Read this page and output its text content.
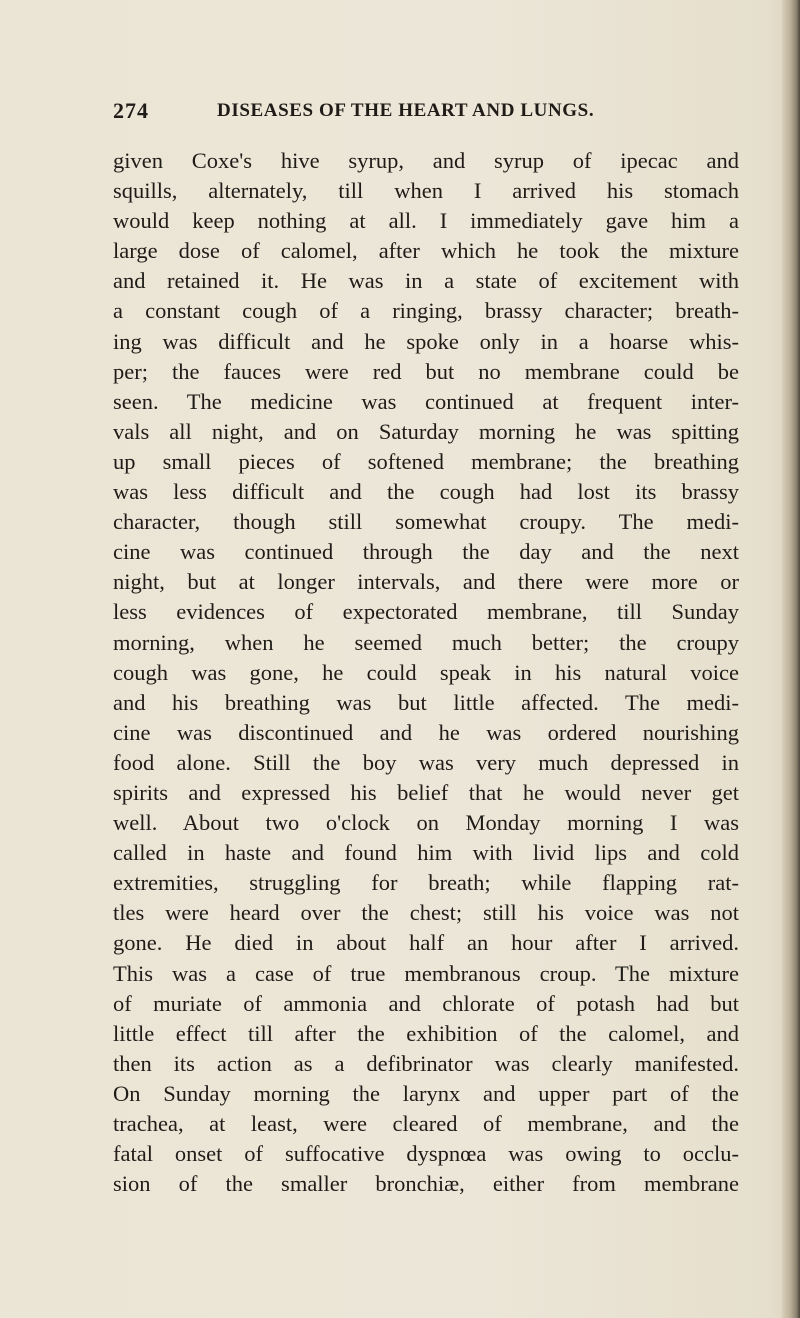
274	DISEASES OF THE HEART AND LUNGS.
given Coxe's hive syrup, and syrup of ipecac and
squills, alternately, till when I arrived his stomach
would keep nothing at all. I immediately gave him a
large dose of calomel, after which he took the mixture
and retained it. He was in a state of excitement with
a constant cough of a ringing, brassy character; breath-
ing was difficult and he spoke only in a hoarse whis-
per; the fauces were red but no membrane could be
seen. The medicine was continued at frequent inter-
vals all night, and on Saturday morning he was spitting
up small pieces of softened membrane; the breathing
was less difficult and the cough had lost its brassy
character, though still somewhat croupy. The medi-
cine was continued through the day and the next
night, but at longer intervals, and there were more or
less evidences of expectorated membrane, till Sunday
morning, when he seemed much better; the croupy
cough was gone, he could speak in his natural voice
and his breathing was but little affected. The medi-
cine was discontinued and he was ordered nourishing
food alone. Still the boy was very much depressed in
spirits and expressed his belief that he would never get
well. About two o'clock on Monday morning I was
called in haste and found him with livid lips and cold
extremities, struggling for breath; while flapping rat-
tles were heard over the chest; still his voice was not
gone. He died in about half an hour after I arrived.
This was a case of true membranous croup. The mixture
of muriate of ammonia and chlorate of potash had but
little effect till after the exhibition of the calomel, and
then its action as a defibrinator was clearly manifested.
On Sunday morning the larynx and upper part of the
trachea, at least, were cleared of membrane, and the
fatal onset of suffocative dyspnœa was owing to occlu-
sion of the smaller bronchiæ, either from membrane
